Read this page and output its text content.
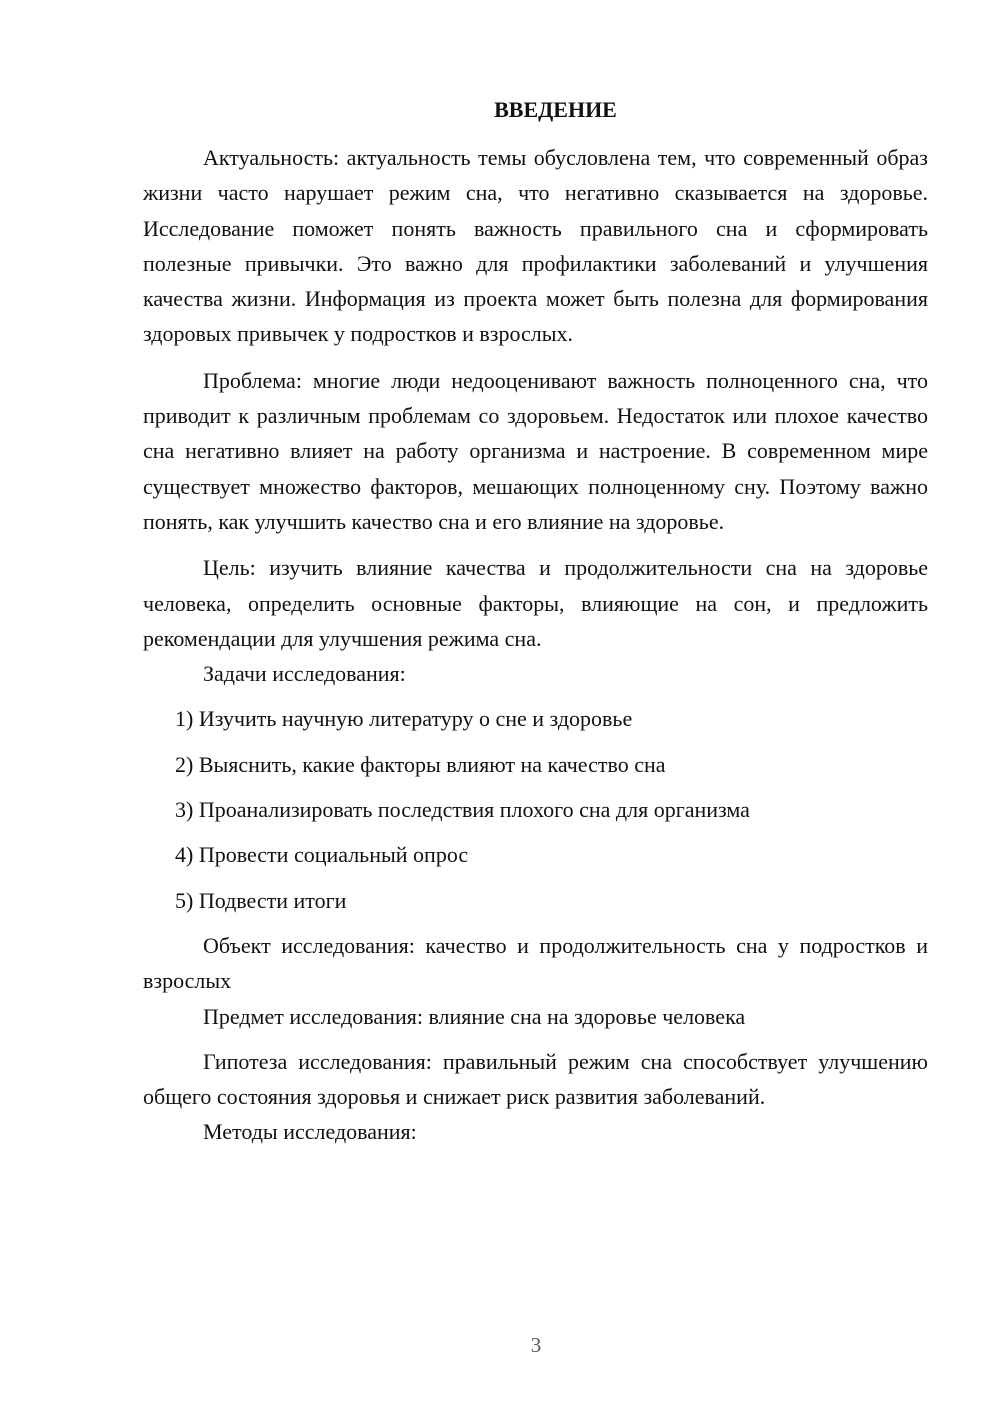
ВВЕДЕНИЕ

Актуальность: актуальность темы обусловлена тем, что современный образ жизни часто нарушает режим сна, что негативно сказывается на здоровье. Исследование поможет понять важность правильного сна и сформировать полезные привычки. Это важно для профилактики заболеваний и улучшения качества жизни. Информация из проекта может быть полезна для формирования здоровых привычек у подростков и взрослых.

Проблема: многие люди недооценивают важность полноценного сна, что приводит к различным проблемам со здоровьем. Недостаток или плохое качество сна негативно влияет на работу организма и настроение. В современном мире существует множество факторов, мешающих полноценному сну. Поэтому важно понять, как улучшить качество сна и его влияние на здоровье.

Цель: изучить влияние качества и продолжительности сна на здоровье человека, определить основные факторы, влияющие на сон, и предложить рекомендации для улучшения режима сна.

Задачи исследования:

1) Изучить научную литературу о сне и здоровье

2) Выяснить, какие факторы влияют на качество сна

3) Проанализировать последствия плохого сна для организма

4) Провести социальный опрос

5) Подвести итоги

Объект исследования: качество и продолжительность сна у подростков и взрослых

Предмет исследования: влияние сна на здоровье человека

Гипотеза исследования: правильный режим сна способствует улучшению общего состояния здоровья и снижает риск развития заболеваний.

Методы исследования:

3
